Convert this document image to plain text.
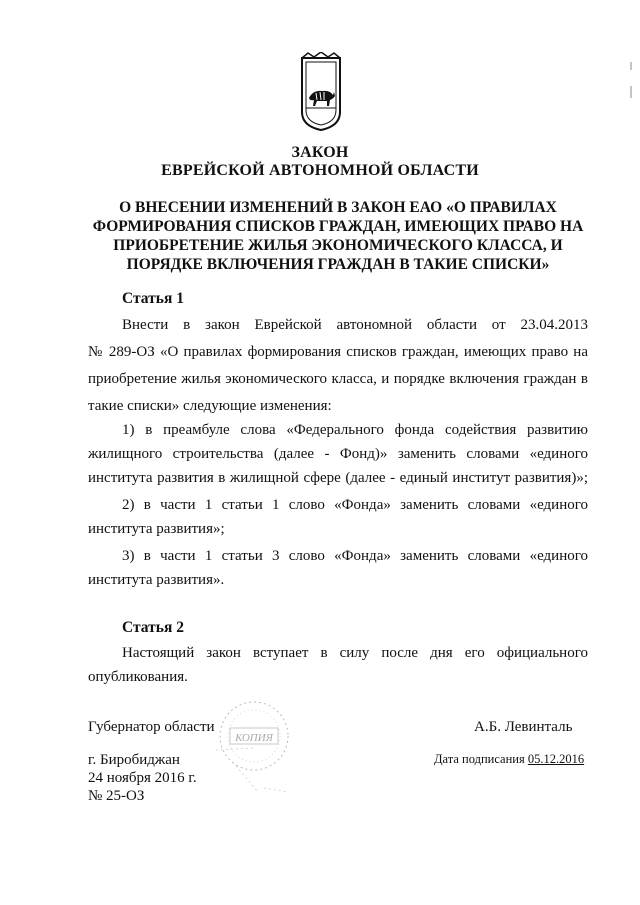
ЗАКОН
ЕВРЕЙСКОЙ АВТОНОМНОЙ ОБЛАСТИ
О ВНЕСЕНИИ ИЗМЕНЕНИЙ В ЗАКОН ЕАО «О ПРАВИЛАХ
ФОРМИРОВАНИЯ СПИСКОВ ГРАЖДАН, ИМЕЮЩИХ ПРАВО НА
ПРИОБРЕТЕНИЕ ЖИЛЬЯ ЭКОНОМИЧЕСКОГО КЛАССА, И
ПОРЯДКЕ ВКЛЮЧЕНИЯ ГРАЖДАН В ТАКИЕ СПИСКИ»
Статья 1
Внести в закон Еврейской автономной области от 23.04.2013
№ 289-ОЗ «О правилах формирования списков граждан, имеющих право на
приобретение жилья экономического класса, и порядке включения граждан в
такие списки» следующие изменения:
1) в преамбуле слова «Федерального фонда содействия развитию
жилищного строительства (далее - Фонд)» заменить словами «единого
института развития в жилищной сфере (далее - единый институт развития)»;
2) в части 1 статьи 1 слово «Фонда» заменить словами «единого
института развития»;
3) в части 1 статьи 3 слово «Фонда» заменить словами «единого
института развития».
Статья 2
Настоящий закон вступает в силу после дня его официального
опубликования.
КОПИЯ
Губернатор области	А.Б. Левинталь
г. Биробиджан
24 ноября 2016 г.
№ 25-ОЗ
Дата подписания 05.12.2016
